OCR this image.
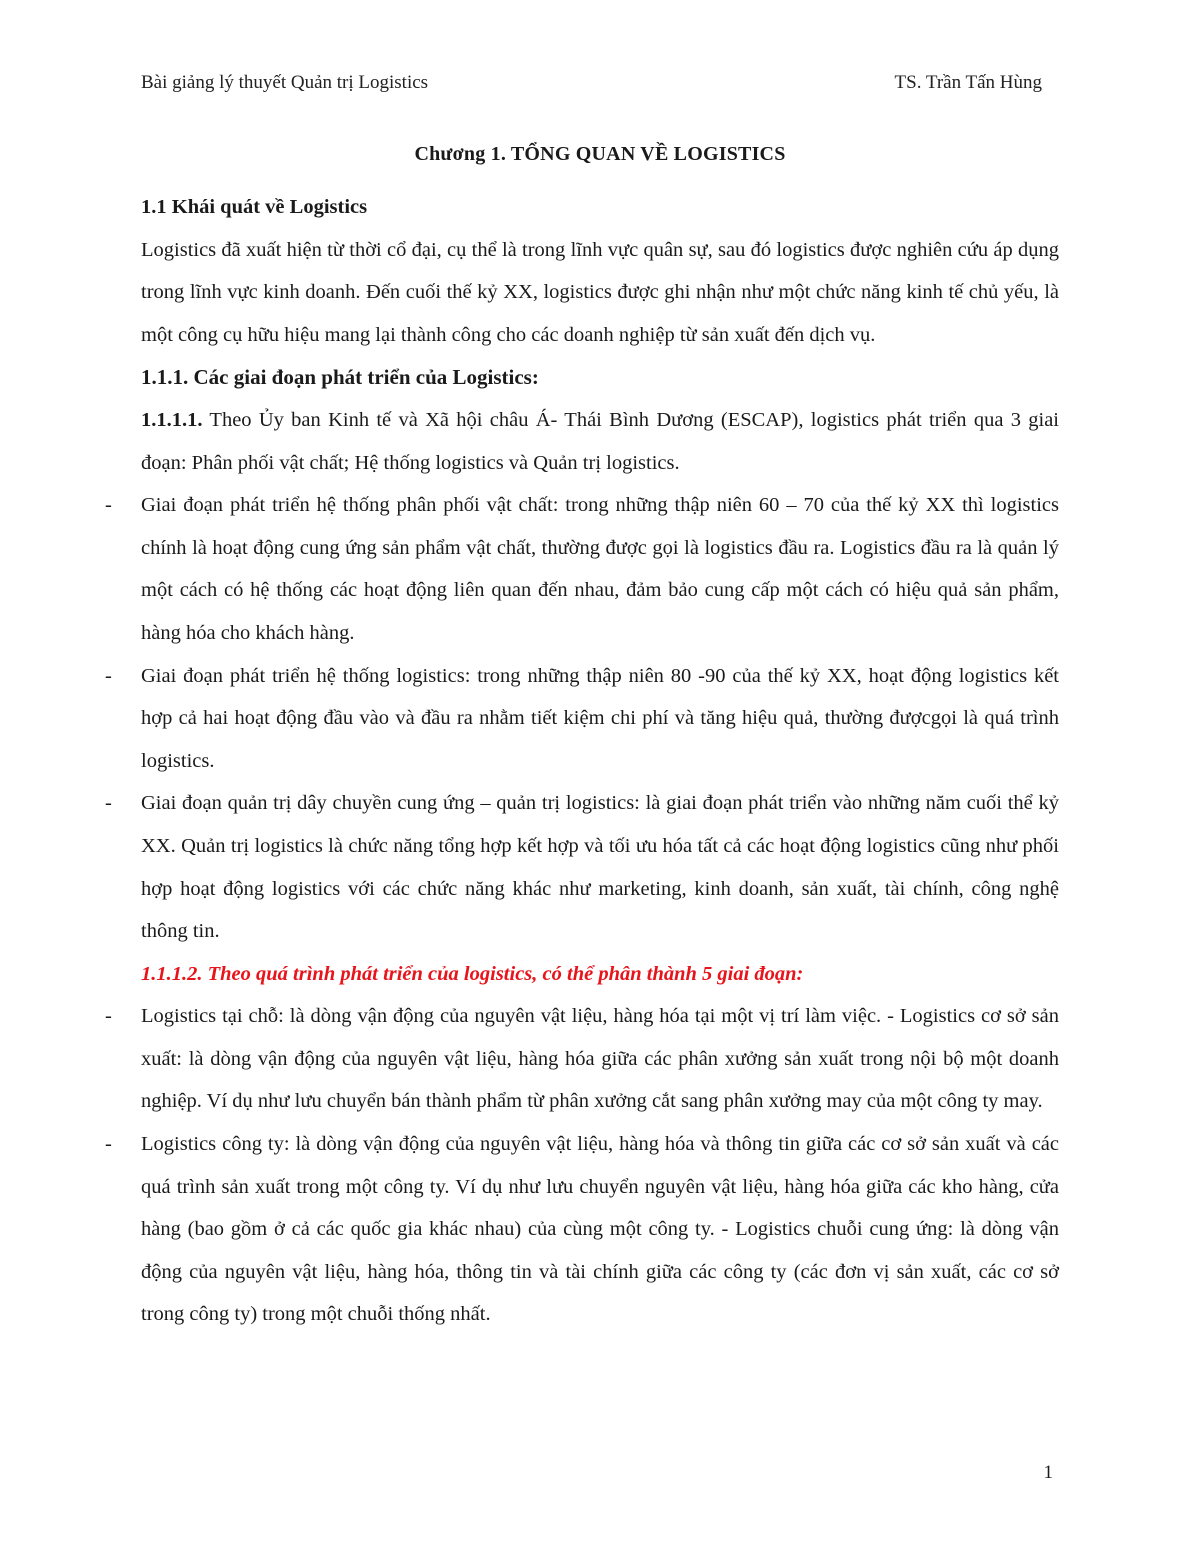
Bài giảng lý thuyết Quản trị Logistics	TS. Trần Tấn Hùng
Chương 1. TỔNG QUAN VỀ LOGISTICS

1.1 Khái quát về Logistics

Logistics đã xuất hiện từ thời cổ đại, cụ thể là trong lĩnh vực quân sự, sau đó logistics được nghiên cứu áp dụng trong lĩnh vực kinh doanh. Đến cuối thế kỷ XX, logistics được ghi nhận như một chức năng kinh tế chủ yếu, là một công cụ hữu hiệu mang lại thành công cho các doanh nghiệp từ sản xuất đến dịch vụ.

1.1.1. Các giai đoạn phát triển của Logistics:

1.1.1.1. Theo Ủy ban Kinh tế và Xã hội châu Á- Thái Bình Dương (ESCAP), logistics phát triển qua 3 giai đoạn: Phân phối vật chất; Hệ thống logistics và Quản trị logistics.

- Giai đoạn phát triển hệ thống phân phối vật chất: trong những thập niên 60 – 70 của thế kỷ XX thì logistics chính là hoạt động cung ứng sản phẩm vật chất, thường được gọi là logistics đầu ra. Logistics đầu ra là quản lý một cách có hệ thống các hoạt động liên quan đến nhau, đảm bảo cung cấp một cách có hiệu quả sản phẩm, hàng hóa cho khách hàng.

- Giai đoạn phát triển hệ thống logistics: trong những thập niên 80 -90 của thế kỷ XX, hoạt động logistics kết hợp cả hai hoạt động đầu vào và đầu ra nhằm tiết kiệm chi phí và tăng hiệu quả, thường đượcgọi là quá trình logistics.

- Giai đoạn quản trị dây chuyền cung ứng – quản trị logistics: là giai đoạn phát triển vào những năm cuối thể kỷ XX. Quản trị logistics là chức năng tổng hợp kết hợp và tối ưu hóa tất cả các hoạt động logistics cũng như phối hợp hoạt động logistics với các chức năng khác như marketing, kinh doanh, sản xuất, tài chính, công nghệ thông tin.

1.1.1.2. Theo quá trình phát triển của logistics, có thể phân thành 5 giai đoạn:

- Logistics tại chỗ: là dòng vận động của nguyên vật liệu, hàng hóa tại một vị trí làm việc. - Logistics cơ sở sản xuất: là dòng vận động của nguyên vật liệu, hàng hóa giữa các phân xưởng sản xuất trong nội bộ một doanh nghiệp. Ví dụ như lưu chuyển bán thành phẩm từ phân xưởng cắt sang phân xưởng may của một công ty may.

- Logistics công ty: là dòng vận động của nguyên vật liệu, hàng hóa và thông tin giữa các cơ sở sản xuất và các quá trình sản xuất trong một công ty. Ví dụ như lưu chuyển nguyên vật liệu, hàng hóa giữa các kho hàng, cửa hàng (bao gồm ở cả các quốc gia khác nhau) của cùng một công ty. - Logistics chuỗi cung ứng: là dòng vận động của nguyên vật liệu, hàng hóa, thông tin và tài chính giữa các công ty (các đơn vị sản xuất, các cơ sở trong công ty) trong một chuỗi thống nhất.

1
